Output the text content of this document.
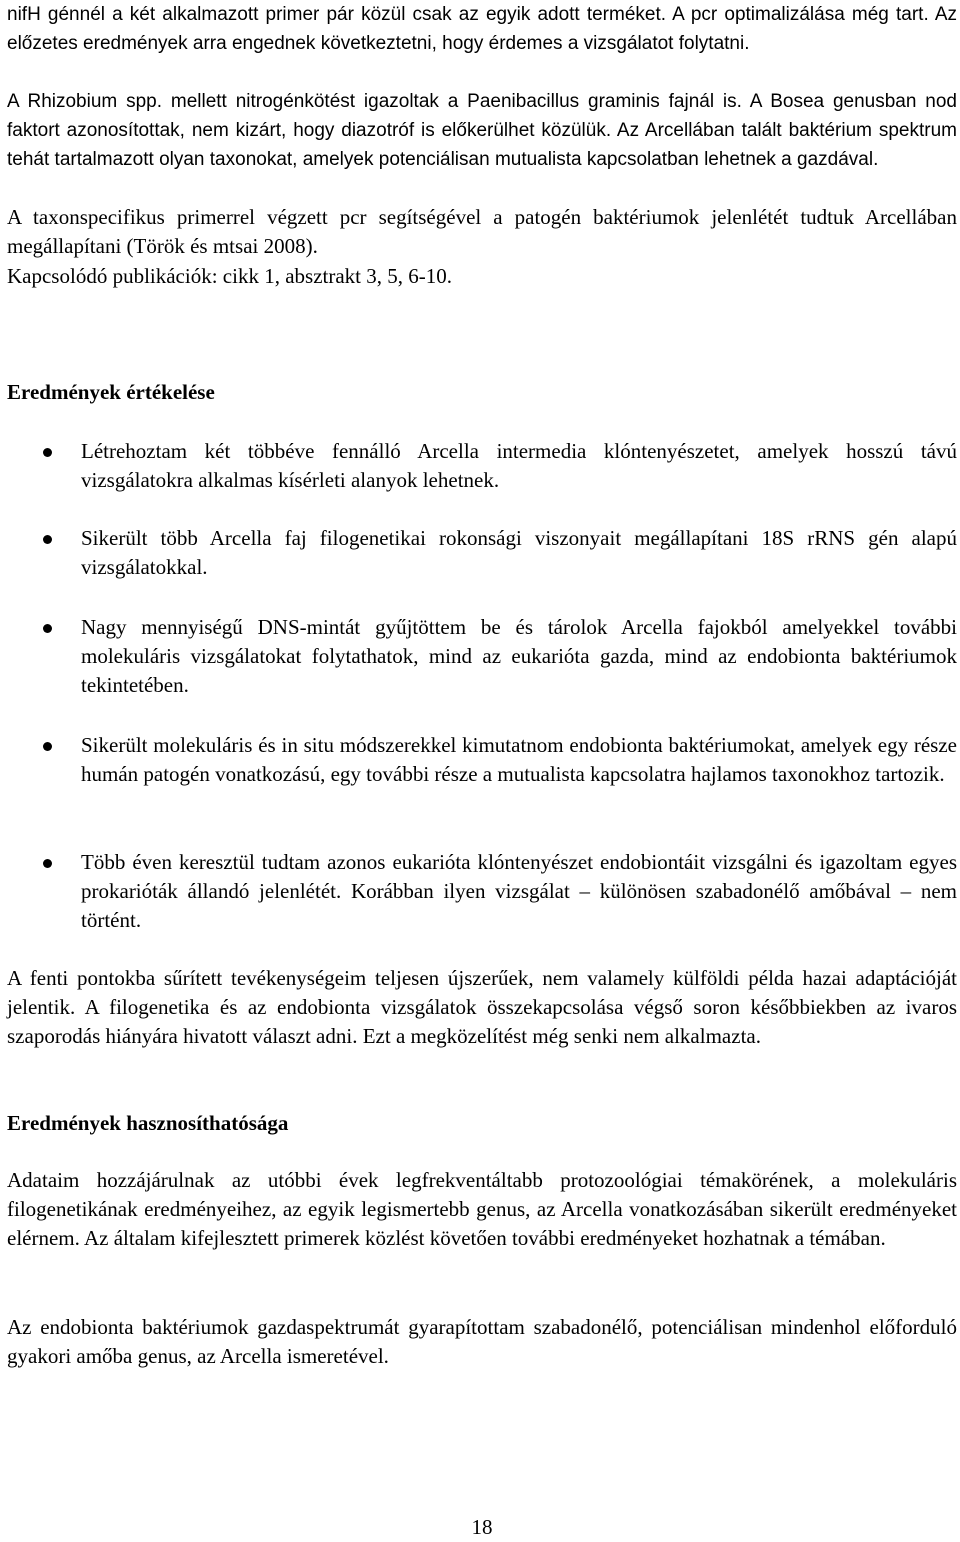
nifH génnél a két alkalmazott primer pár közül csak az egyik adott terméket. A pcr optimalizálása még tart. Az előzetes eredmények arra engednek következtetni, hogy érdemes a vizsgálatot folytatni.

A Rhizobium spp. mellett nitrogénkötést igazoltak a Paenibacillus graminis fajnál is. A Bosea genusban nod faktort azonosítottak, nem kizárt, hogy diazotróf is előkerülhet közülük. Az Arcellában talált baktérium spektrum tehát tartalmazott olyan taxonokat, amelyek potenciálisan mutualista kapcsolatban lehetnek a gazdával.

A taxonspecifikus primerrel végzett pcr segítségével a patogén baktériumok jelenlétét tudtuk Arcellában megállapítani (Török és mtsai 2008).

Kapcsolódó publikációk: cikk 1, absztrakt 3, 5, 6-10.

Eredmények értékelése

Létrehoztam két többéve fennálló Arcella intermedia klóntenyészetet, amelyek hosszú távú vizsgálatokra alkalmas kísérleti alanyok lehetnek.

Sikerült több Arcella faj filogenetikai rokonsági viszonyait megállapítani 18S rRNS gén alapú vizsgálatokkal.

Nagy mennyiségű DNS-mintát gyűjtöttem be és tárolok Arcella fajokból amelyekkel további molekuláris vizsgálatokat folytathatok, mind az eukarióta gazda, mind az endobionta baktériumok tekintetében.

Sikerült molekuláris és in situ módszerekkel kimutatnom endobionta baktériumokat, amelyek egy része humán patogén vonatkozású, egy további része a mutualista kapcsolatra hajlamos taxonokhoz tartozik.

Több éven keresztül tudtam azonos eukarióta klóntenyészet endobiontáit vizsgálni és igazoltam egyes prokarióták állandó jelenlétét. Korábban ilyen vizsgálat – különösen szabadonélő amőbával – nem történt.

A fenti pontokba sűrített tevékenységeim teljesen újszerűek, nem valamely külföldi példa hazai adaptációját jelentik. A filogenetika és az endobionta vizsgálatok összekapcsolása végső soron későbbiekben az ivaros szaporodás hiányára hivatott választ adni. Ezt a megközelítést még senki nem alkalmazta.

Eredmények hasznosíthatósága

Adataim hozzájárulnak az utóbbi évek legfrekventáltabb protozoológiai témakörének, a molekuláris filogenetikának eredményeihez, az egyik legismertebb genus, az Arcella vonatkozásában sikerült eredményeket elérnem. Az általam kifejlesztett primerek közlést követően további eredményeket hozhatnak a témában.

Az endobionta baktériumok gazdaspektrumát gyarapítottam szabadonélő, potenciálisan mindenhol előforduló gyakori amőba genus, az Arcella ismeretével.

18
